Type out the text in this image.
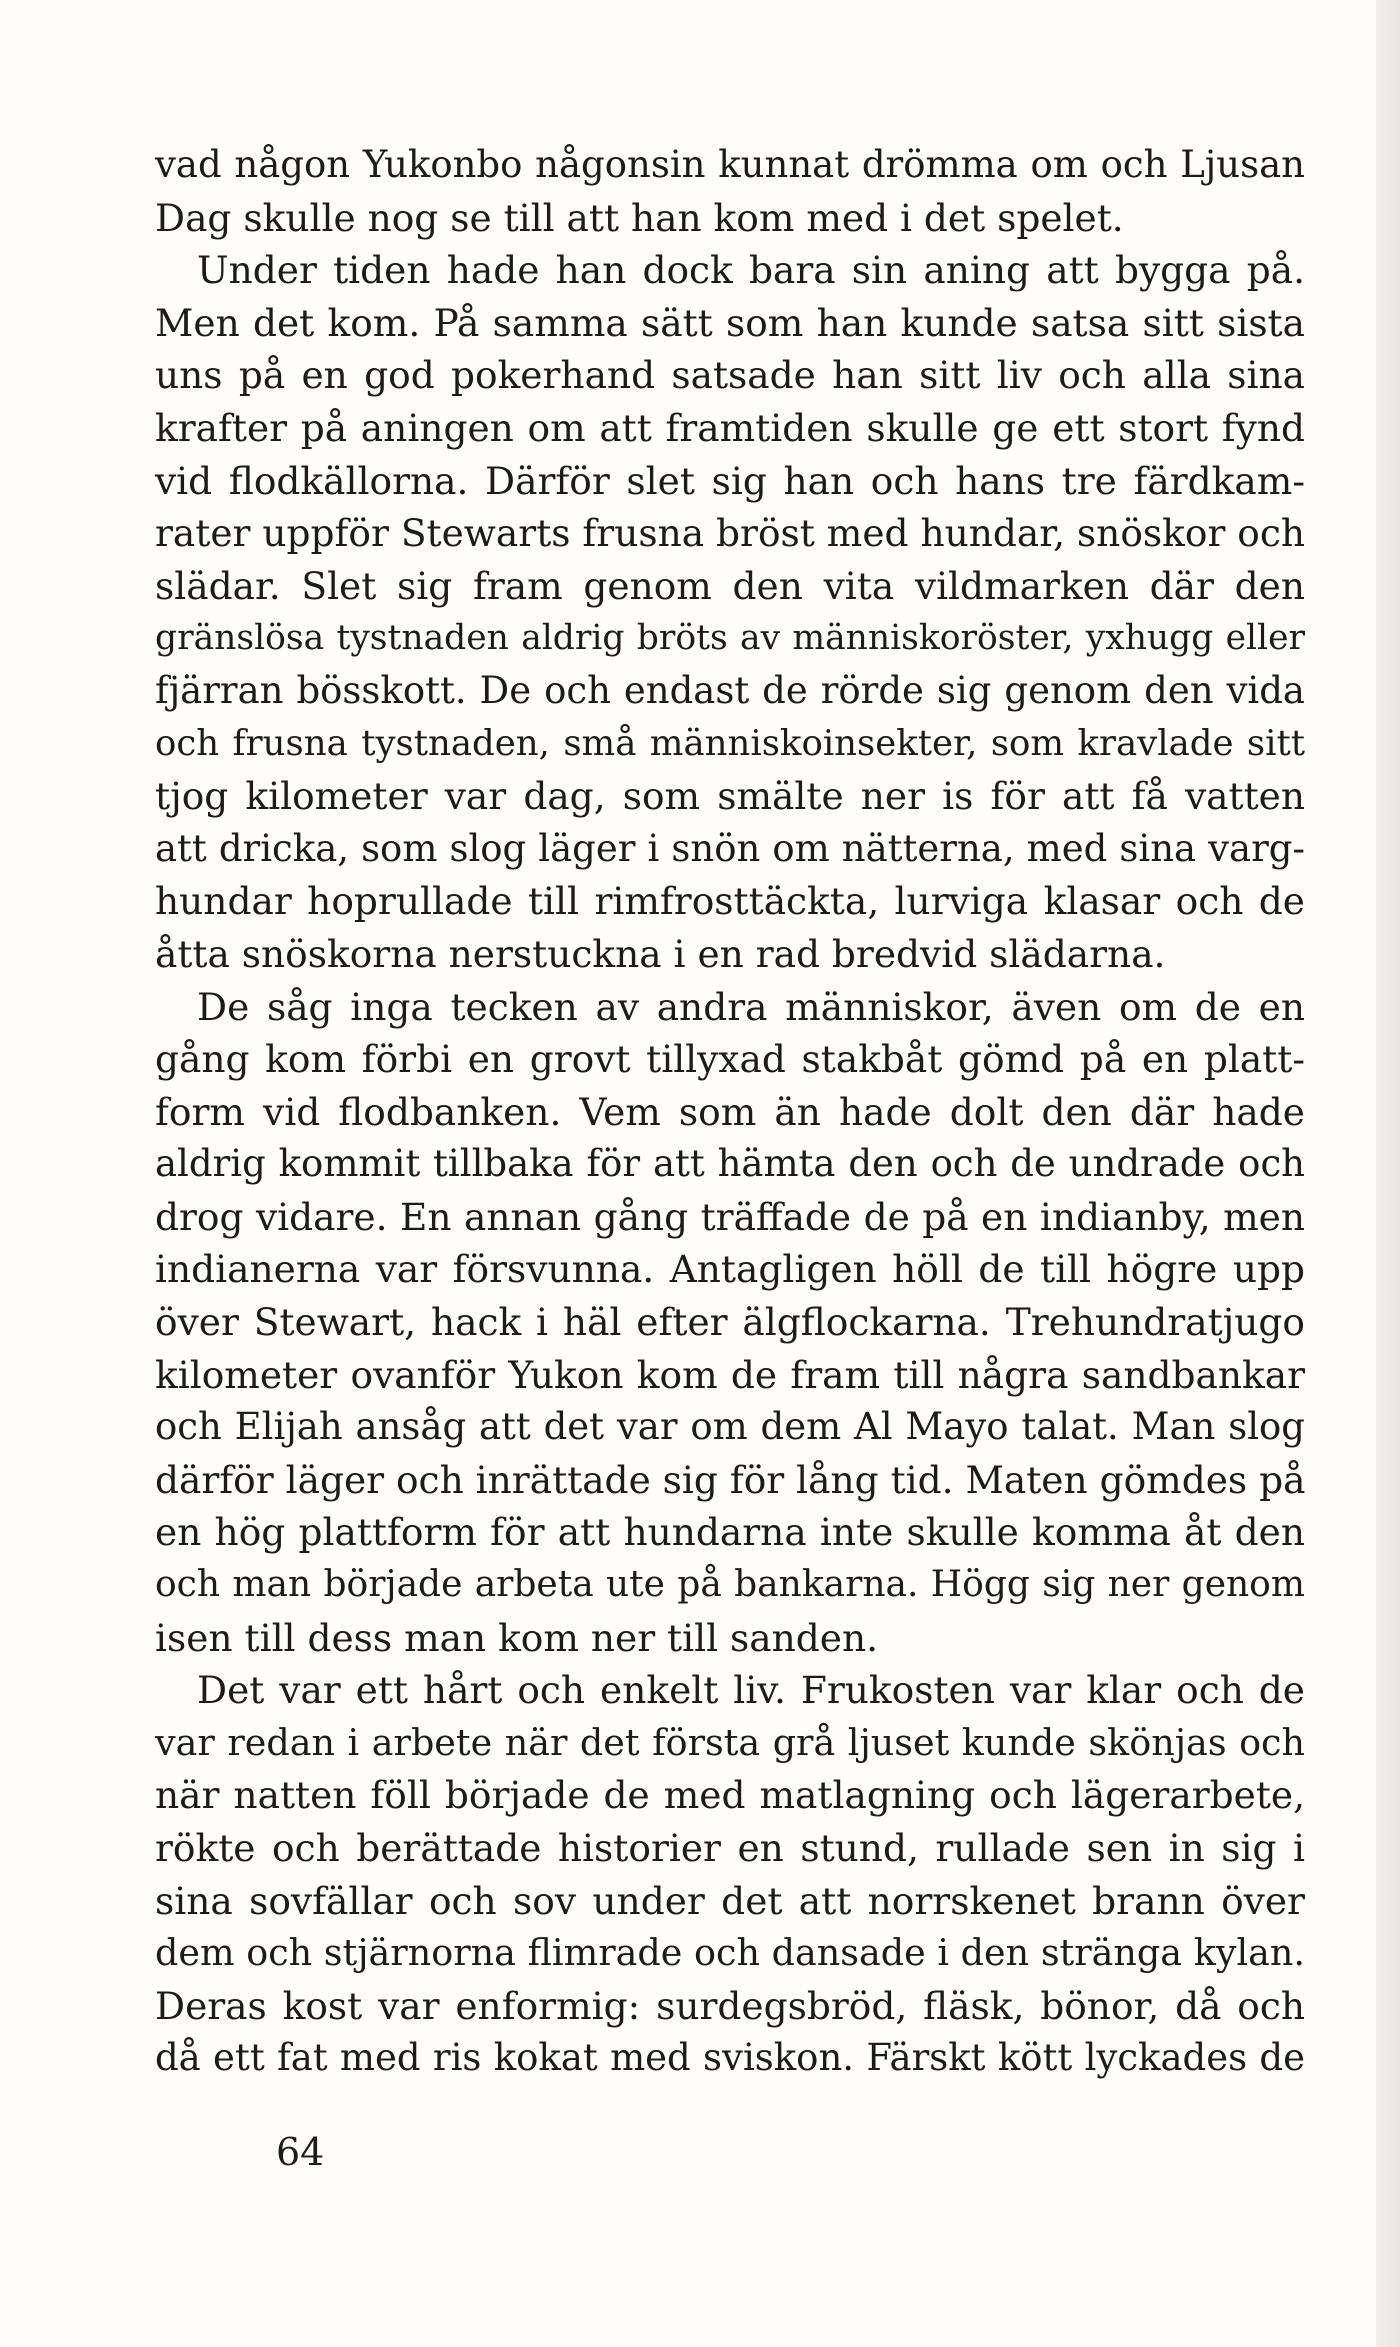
vad någon Yukonbo någonsin kunnat drömma om och Ljusan
Dag skulle nog se till att han kom med i det spelet.
Under tiden hade han dock bara sin aning att bygga på.
Men det kom. På samma sätt som han kunde satsa sitt sista
uns på en god pokerhand satsade han sitt liv och alla sina
krafter på aningen om att framtiden skulle ge ett stort fynd
vid flodkällorna. Därför slet sig han och hans tre färdkam-
rater uppför Stewarts frusna bröst med hundar, snöskor och
slädar. Slet sig fram genom den vita vildmarken där den
gränslösa tystnaden aldrig bröts av människoröster, yxhugg eller
fjärran bösskott. De och endast de rörde sig genom den vida
och frusna tystnaden, små människoinsekter, som kravlade sitt
tjog kilometer var dag, som smälte ner is för att få vatten
att dricka, som slog läger i snön om nätterna, med sina varg-
hundar hoprullade till rimfrosttäckta, lurviga klasar och de
åtta snöskorna nerstuckna i en rad bredvid slädarna.
De såg inga tecken av andra människor, även om de en
gång kom förbi en grovt tillyxad stakbåt gömd på en platt-
form vid flodbanken. Vem som än hade dolt den där hade
aldrig kommit tillbaka för att hämta den och de undrade och
drog vidare. En annan gång träffade de på en indianby, men
indianerna var försvunna. Antagligen höll de till högre upp
över Stewart, hack i häl efter älgflockarna. Trehundratjugo
kilometer ovanför Yukon kom de fram till några sandbankar
och Elijah ansåg att det var om dem Al Mayo talat. Man slog
därför läger och inrättade sig för lång tid. Maten gömdes på
en hög plattform för att hundarna inte skulle komma åt den
och man började arbeta ute på bankarna. Högg sig ner genom
isen till dess man kom ner till sanden.
Det var ett hårt och enkelt liv. Frukosten var klar och de
var redan i arbete när det första grå ljuset kunde skönjas och
när natten föll började de med matlagning och lägerarbete,
rökte och berättade historier en stund, rullade sen in sig i
sina sovfällar och sov under det att norrskenet brann över
dem och stjärnorna flimrade och dansade i den stränga kylan.
Deras kost var enformig: surdegsbröd, fläsk, bönor, då och
då ett fat med ris kokat med sviskon. Färskt kött lyckades de
64
